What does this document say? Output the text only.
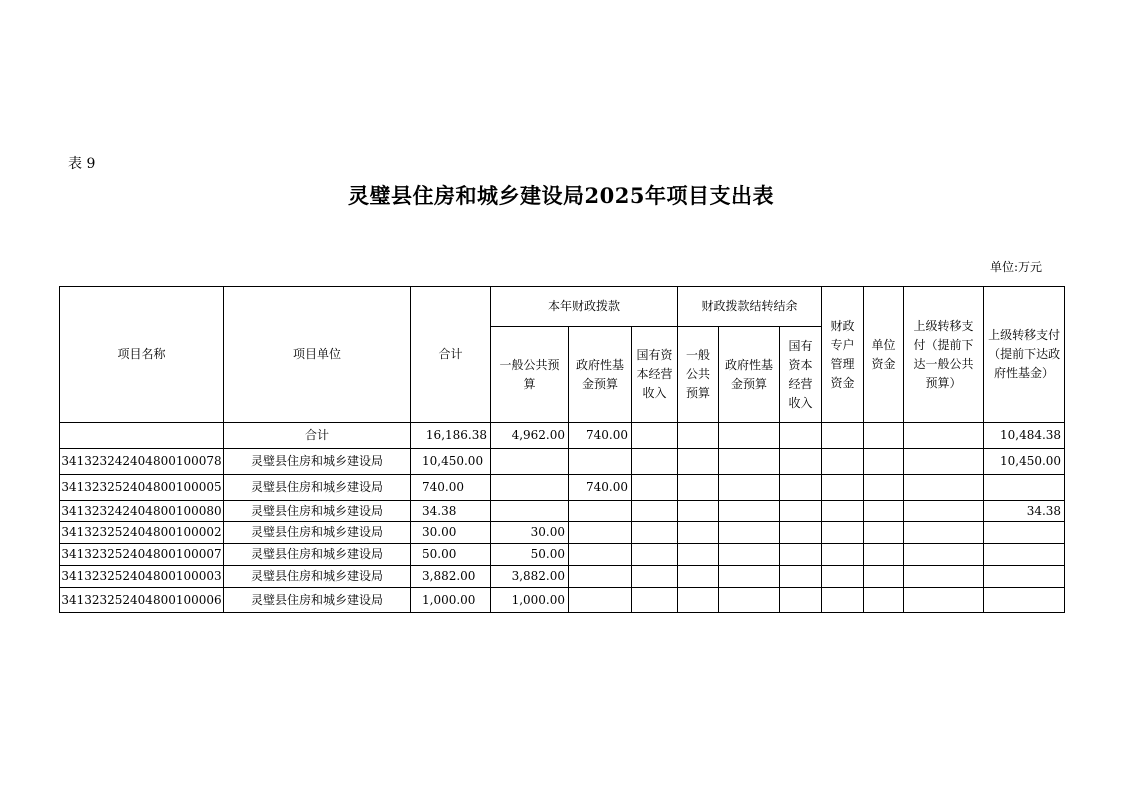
表 9
灵璧县住房和城乡建设局2025年项目支出表
单位:万元
项目名称	项目单位	合计	本年财政拨款			财政拨款结转结余			财政专户管理资金	单位资金	上级转移支付（提前下达一般公共预算）	上级转移支付（提前下达政府性基金）
			一般公共预算	政府性基金预算	国有资本经营收入	一般公共预算	政府性基金预算	国有资本经营收入				
	合计	16,186.38	4,962.00	740.00								10,484.38
341323242404800100078	灵璧县住房和城乡建设局	10,450.00										10,450.00
341323252404800100005	灵璧县住房和城乡建设局	740.00		740.00								
341323242404800100080	灵璧县住房和城乡建设局	34.38										34.38
341323252404800100002	灵璧县住房和城乡建设局	30.00	30.00									
341323252404800100007	灵璧县住房和城乡建设局	50.00	50.00									
341323252404800100003	灵璧县住房和城乡建设局	3,882.00	3,882.00									
341323252404800100006	灵璧县住房和城乡建设局	1,000.00	1,000.00									
